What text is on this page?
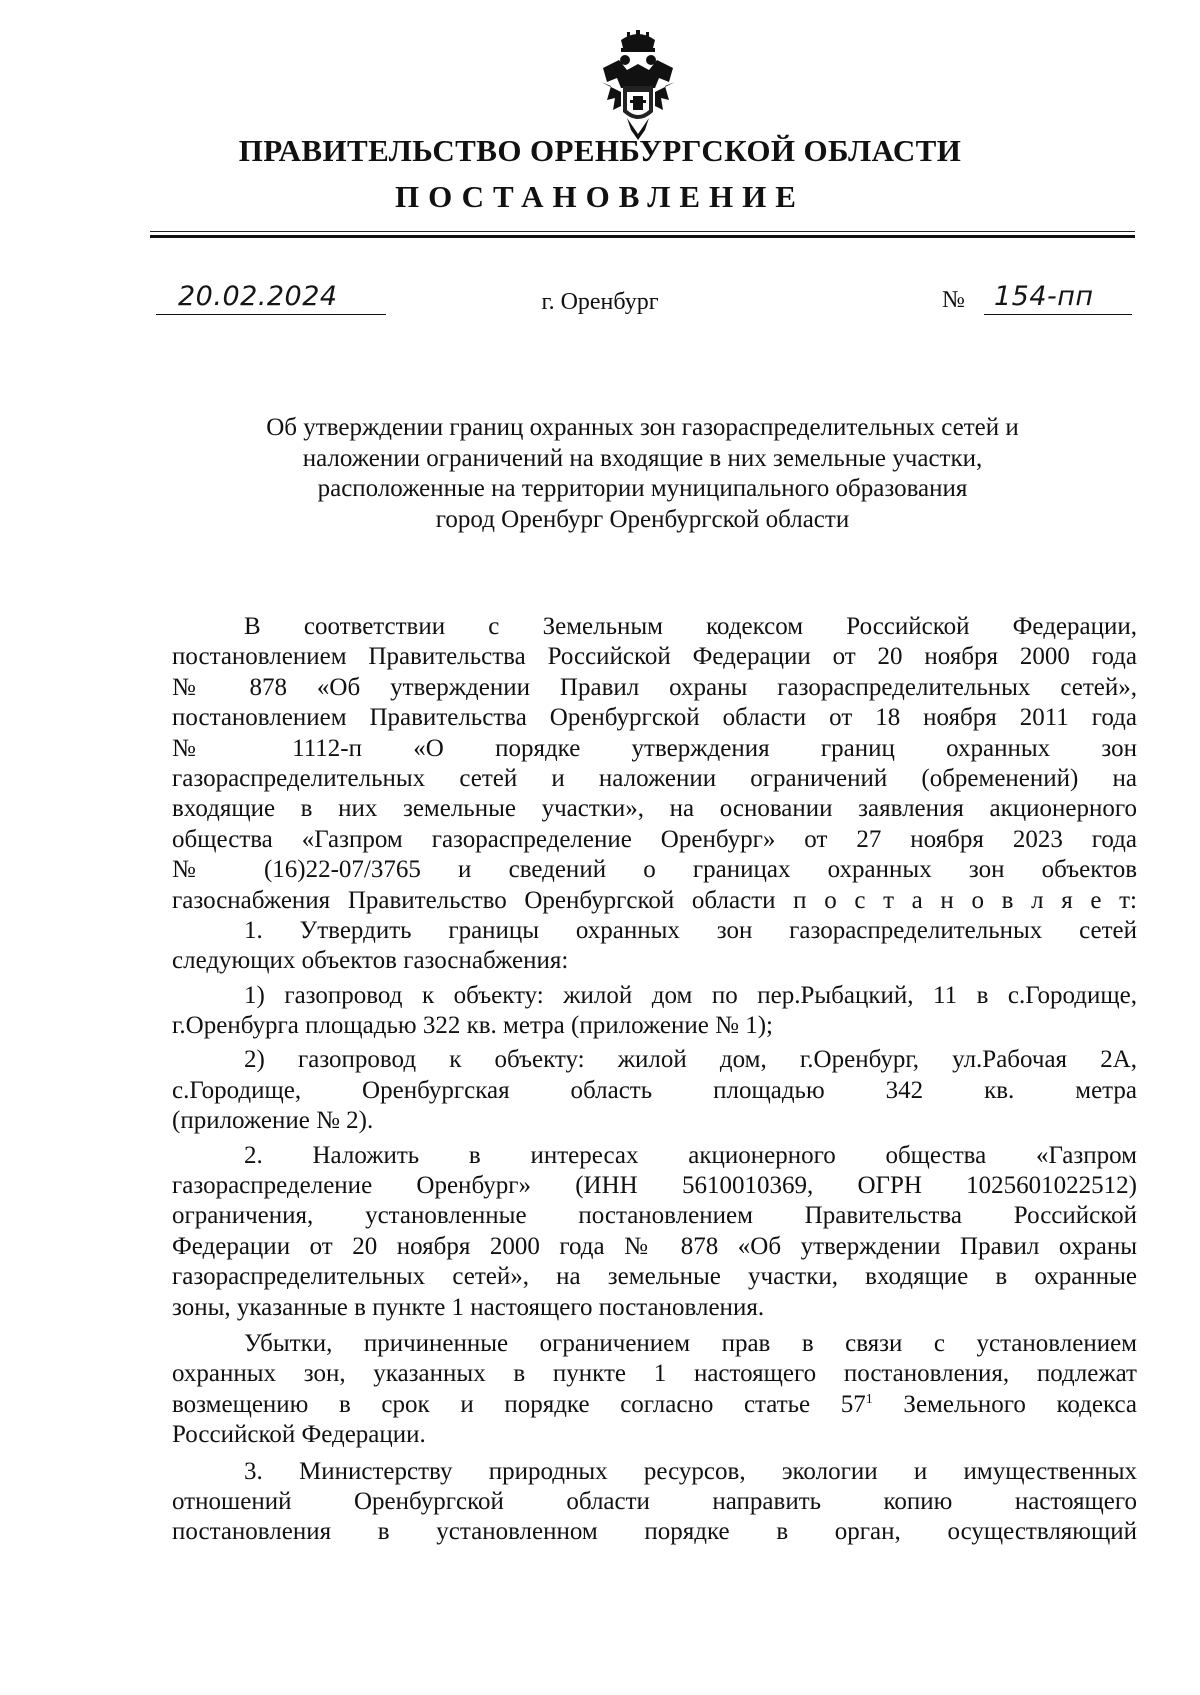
ПРАВИТЕЛЬСТВО ОРЕНБУРГСКОЙ ОБЛАСТИ
ПОСТАНОВЛЕНИЕ
20.02.2024	г. Оренбург	№ 154-пп
Об утверждении границ охранных зон газораспределительных сетей и
наложении ограничений на входящие в них земельные участки,
расположенные на территории муниципального образования
город Оренбург Оренбургской области
В соответствии с Земельным кодексом Российской Федерации,
постановлением Правительства Российской Федерации от 20 ноября 2000 года
№ 878 «Об утверждении Правил охраны газораспределительных сетей»,
постановлением Правительства Оренбургской области от 18 ноября 2011 года
№ 1112-п «О порядке утверждения границ охранных зон
газораспределительных сетей и наложении ограничений (обременений) на
входящие в них земельные участки», на основании заявления акционерного
общества «Газпром газораспределение Оренбург» от 27 ноября 2023 года
№ (16)22-07/3765 и сведений о границах охранных зон объектов
газоснабжения Правительство Оренбургской области п о с т а н о в л я е т:
1. Утвердить границы охранных зон газораспределительных сетей
следующих объектов газоснабжения:
1) газопровод к объекту: жилой дом по пер.Рыбацкий, 11 в с.Городище,
г.Оренбурга площадью 322 кв. метра (приложение № 1);
2) газопровод к объекту: жилой дом, г.Оренбург, ул.Рабочая 2А,
с.Городище, Оренбургская область площадью 342 кв. метра
(приложение № 2).
2. Наложить в интересах акционерного общества «Газпром
газораспределение Оренбург» (ИНН 5610010369, ОГРН 1025601022512)
ограничения, установленные постановлением Правительства Российской
Федерации от 20 ноября 2000 года № 878 «Об утверждении Правил охраны
газораспределительных сетей», на земельные участки, входящие в охранные
зоны, указанные в пункте 1 настоящего постановления.
Убытки, причиненные ограничением прав в связи с установлением
охранных зон, указанных в пункте 1 настоящего постановления, подлежат
возмещению в срок и порядке согласно статье $57^1$ Земельного кодекса
Российской Федерации.
3. Министерству природных ресурсов, экологии и имущественных
отношений Оренбургской области направить копию настоящего
постановления в установленном порядке в орган, осуществляющий
